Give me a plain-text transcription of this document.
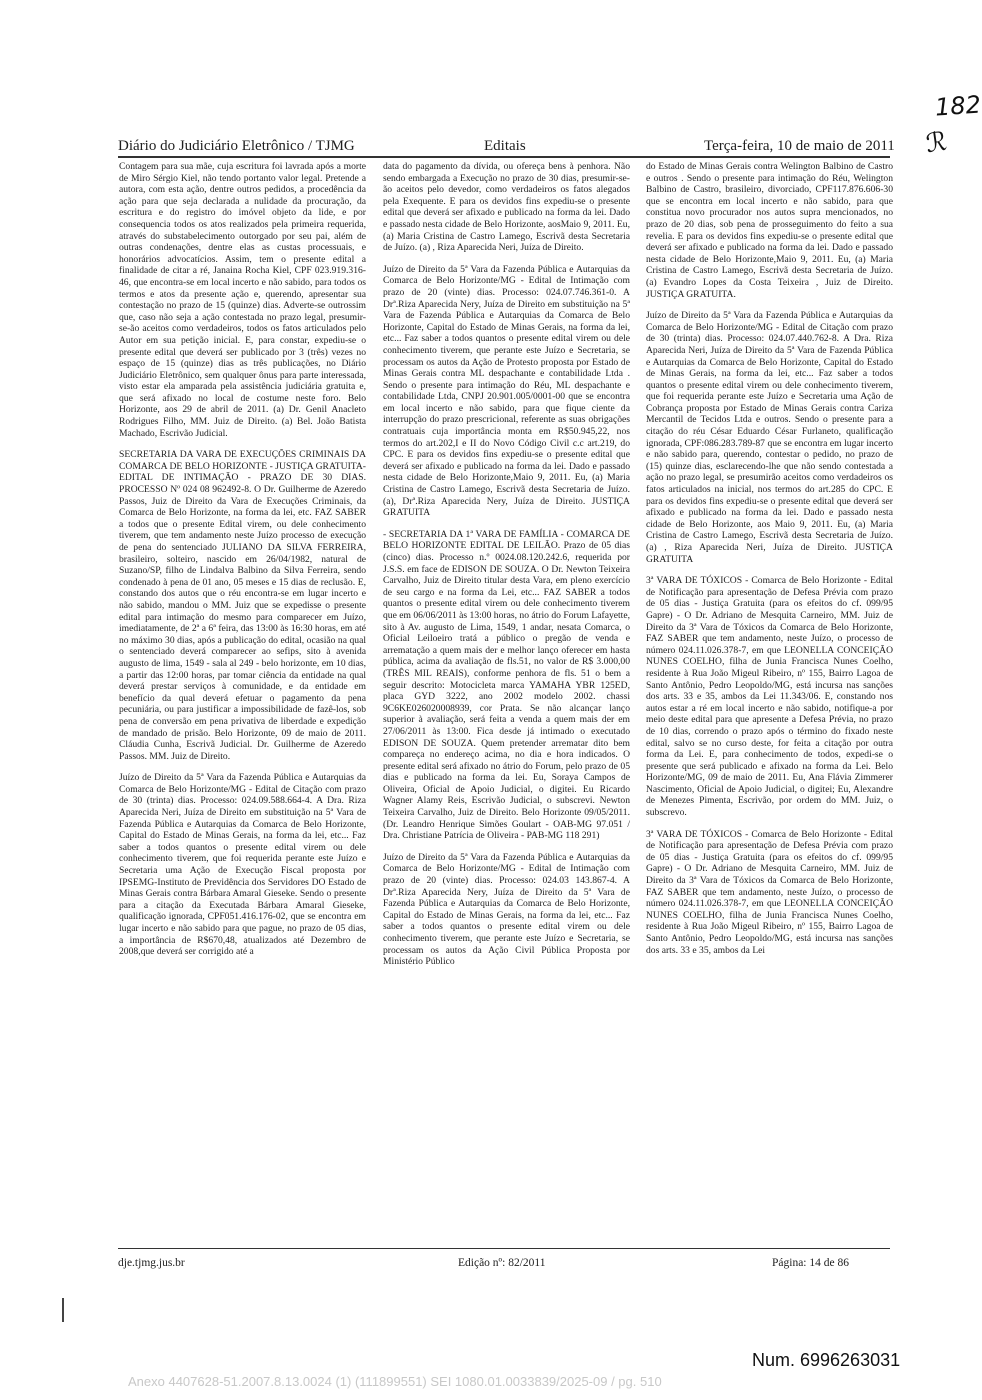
182
ℛ
Diário do Judiciário Eletrônico / TJMG	Editais	Terça-feira, 10 de maio de 2011

Contagem para sua mãe, cuja escritura foi lavrada após a morte de Miro Sérgio Kiel, não tendo portanto valor legal. Pretende a autora, com esta ação, dentre outros pedidos, a procedência da ação para que seja declarada a nulidade da procuração, da escritura e do registro do imóvel objeto da lide, e por consequencia todos os atos realizados pela primeira requerida, através do substabelecimento outorgado por seu pai, além de outras condenações, dentre elas as custas processuais, e honorários advocatícios. Assim, tem o presente edital a finalidade de citar a ré, Janaina Rocha Kiel, CPF 023.919.316-46, que encontra-se em local incerto e não sabido, para todos os termos e atos da presente ação e, querendo, apresentar sua contestação no prazo de 15 (quinze) dias. Adverte-se outrossim que, caso não seja a ação contestada no prazo legal, presumir-se-ão aceitos como verdadeiros, todos os fatos articulados pelo Autor em sua petição inicial. E, para constar, expediu-se o presente edital que deverá ser publicado por 3 (três) vezes no espaço de 15 (quinze) dias as três publicações, no Diário Judiciário Eletrônico, sem qualquer ônus para parte interessada, visto estar ela amparada pela assistência judiciária gratuita e, que será afixado no local de costume neste foro. Belo Horizonte, aos 29 de abril de 2011. (a) Dr. Genil Anacleto Rodrigues Filho, MM. Juiz de Direito. (a) Bel. João Batista Machado, Escrivão Judicial.

SECRETARIA DA VARA DE EXECUÇÕES CRIMINAIS DA COMARCA DE BELO HORIZONTE - JUSTIÇA GRATUITA- EDITAL DE INTIMAÇÃO - PRAZO DE 30 DIAS. PROCESSO Nº 024 08 962492-8. O Dr. Guilherme de Azeredo Passos, Juiz de Direito da Vara de Execuções Criminais, da Comarca de Belo Horizonte, na forma da lei, etc. FAZ SABER a todos que o presente Edital virem, ou dele conhecimento tiverem, que tem andamento neste Juízo processo de execução de pena do sentenciado JULIANO DA SILVA FERREIRA, brasileiro, solteiro, nascido em 26/04/1982, natural de Suzano/SP, filho de Lindalva Balbino da Silva Ferreira, sendo condenado à pena de 01 ano, 05 meses e 15 dias de reclusão. E, constando dos autos que o réu encontra-se em lugar incerto e não sabido, mandou o MM. Juiz que se expedisse o presente edital para intimação do mesmo para comparecer em Juízo, imediatamente, de 2ª a 6ª feira, das 13:00 às 16:30 horas, em até no máximo 30 dias, após a publicação do edital, ocasião na qual o sentenciado deverá comparecer ao sefips, sito à avenida augusto de lima, 1549 - sala al 249 - belo horizonte, em 10 dias, a partir das 12:00 horas, par tomar ciência da entidade na qual deverá prestar serviços à comunidade, e da entidade em benefício da qual deverá efetuar o pagamento da pena pecuniária, ou para justificar a impossibilidade de fazê-los, sob pena de conversão em pena privativa de liberdade e expedição de mandado de prisão. Belo Horizonte, 09 de maio de 2011. Cláudia Cunha, Escrivã Judicial. Dr. Guilherme de Azeredo Passos. MM. Juiz de Direito.

Juízo de Direito da 5ª Vara da Fazenda Pública e Autarquias da Comarca de Belo Horizonte/MG - Edital de Citação com prazo de 30 (trinta) dias. Processo: 024.09.588.664-4. A Dra. Riza Aparecida Neri, Juíza de Direito em substituição na 5ª Vara de Fazenda Pública e Autarquias da Comarca de Belo Horizonte, Capital do Estado de Minas Gerais, na forma da lei, etc... Faz saber a todos quantos o presente edital virem ou dele conhecimento tiverem, que foi requerida perante este Juízo e Secretaria uma Ação de Execução Fiscal proposta por IPSEMG-Instituto de Previdência dos Servidores DO Estado de Minas Gerais contra Bárbara Amaral Gieseke. Sendo o presente para a citação da Executada Bárbara Amaral Gieseke, qualificação ignorada, CPF051.416.176-02, que se encontra em lugar incerto e não sabido para que pague, no prazo de 05 dias, a importância de R$670,48, atualizados até Dezembro de 2008,que deverá ser corrigido até a

data do pagamento da dívida, ou ofereça bens à penhora. Não sendo embargada a Execução no prazo de 30 dias, presumir-se-ão aceitos pelo devedor, como verdadeiros os fatos alegados pela Exequente. E para os devidos fins expediu-se o presente edital que deverá ser afixado e publicado na forma da lei. Dado e passado nesta cidade de Belo Horizonte, aosMaio 9, 2011. Eu, (a) Maria Cristina de Castro Lamego, Escrivã desta Secretaria de Juízo. (a) , Riza Aparecida Neri, Juíza de Direito.

Juízo de Direito da 5ª Vara da Fazenda Pública e Autarquias da Comarca de Belo Horizonte/MG - Edital de Intimação com prazo de 20 (vinte) dias. Processo: 024.07.746.361-0. A Drª.Riza Aparecida Nery, Juíza de Direito em substituição na 5ª Vara de Fazenda Pública e Autarquias da Comarca de Belo Horizonte, Capital do Estado de Minas Gerais, na forma da lei, etc... Faz saber a todos quantos o presente edital virem ou dele conhecimento tiverem, que perante este Juízo e Secretaria, se processam os autos da Ação de Protesto proposta por Estado de Minas Gerais contra ML despachante e contabilidade Ltda . Sendo o presente para intimação do Réu, ML despachante e contabilidade Ltda, CNPJ 20.901.005/0001-00 que se encontra em local incerto e não sabido, para que fique ciente da interrupção do prazo prescricional, referente as suas obrigações contratuais cuja importância monta em R$50.945,22, nos termos do art.202,I e II do Novo Código Civil c.c art.219, do CPC. E para os devidos fins expediu-se o presente edital que deverá ser afixado e publicado na forma da lei. Dado e passado nesta cidade de Belo Horizonte,Maio 9, 2011. Eu, (a) Maria Cristina de Castro Lamego, Escrivã desta Secretaria de Juízo. (a), Drª.Riza Aparecida Nery, Juíza de Direito. JUSTIÇA GRATUITA

- SECRETARIA DA 1ª VARA DE FAMÍLIA - COMARCA DE BELO HORIZONTE EDITAL DE LEILÃO. Prazo de 05 dias (cinco) dias. Processo n.º 0024.08.120.242.6, requerida por J.S.S. em face de EDISON DE SOUZA. O Dr. Newton Teixeira Carvalho, Juiz de Direito titular desta Vara, em pleno exercício de seu cargo e na forma da Lei, etc... FAZ SABER a todos quantos o presente edital virem ou dele conhecimento tiverem que em 06/06/2011 às 13:00 horas, no átrio do Forum Lafayette, sito à Av. augusto de Lima, 1549, 1 andar, nesata Comarca, o Oficial Leiloeiro tratá a público o pregão de venda e arrematação a quem mais der e melhor lanço oferecer em hasta pública, acima da avaliação de fls.51, no valor de R$ 3.000,00 (TRÊS MIL REAIS), conforme penhora de fls. 51 o bem a seguir descrito: Motocicleta marca YAMAHA YBR 125ED, placa GYD 3222, ano 2002 modelo 2002. chassi 9C6KE026020008939, cor Prata. Se não alcançar lanço superior à avaliação, será feita a venda a quem mais der em 27/06/2011 às 13:00. Fica desde já intimado o executado EDISON DE SOUZA. Quem pretender arrematar dito bem compareça no endereço acima, no dia e hora indicados. O presente edital será afixado no átrio do Forum, pelo prazo de 05 dias e publicado na forma da lei. Eu, Soraya Campos de Oliveira, Oficial de Apoio Judicial, o digitei. Eu Ricardo Wagner Alamy Reis, Escrivão Judicial, o subscrevi. Newton Teixeira Carvalho, Juiz de Direito. Belo Horizonte 09/05/2011. (Dr. Leandro Henrique Simões Goulart - OAB-MG 97.051 / Dra. Christiane Patrícia de Oliveira - PAB-MG 118 291)

Juízo de Direito da 5ª Vara da Fazenda Pública e Autarquias da Comarca de Belo Horizonte/MG - Edital de Intimação com prazo de 20 (vinte) dias. Processo: 024.03 143.867-4. A Drª.Riza Aparecida Nery, Juíza de Direito da 5ª Vara de Fazenda Pública e Autarquias da Comarca de Belo Horizonte, Capital do Estado de Minas Gerais, na forma da lei, etc... Faz saber a todos quantos o presente edital virem ou dele conhecimento tiverem, que perante este Juízo e Secretaria, se processam os autos da Ação Civil Pública Proposta por Ministério Público

do Estado de Minas Gerais contra Welington Balbino de Castro e outros . Sendo o presente para intimação do Réu, Welington Balbino de Castro, brasileiro, divorciado, CPF117.876.606-30 que se encontra em local incerto e não sabido, para que constitua novo procurador nos autos supra mencionados, no prazo de 20 dias, sob pena de prosseguimento do feito a sua revelia. E para os devidos fins expediu-se o presente edital que deverá ser afixado e publicado na forma da lei. Dado e passado nesta cidade de Belo Horizonte,Maio 9, 2011. Eu, (a) Maria Cristina de Castro Lamego, Escrivã desta Secretaria de Juízo. (a) Evandro Lopes da Costa Teixeira , Juiz de Direito. JUSTIÇA GRATUITA.

Juízo de Direito da 5ª Vara da Fazenda Pública e Autarquias da Comarca de Belo Horizonte/MG - Edital de Citação com prazo de 30 (trinta) dias. Processo: 024.07.440.762-8. A Dra. Riza Aparecida Neri, Juíza de Direito da 5ª Vara de Fazenda Pública e Autarquias da Comarca de Belo Horizonte, Capital do Estado de Minas Gerais, na forma da lei, etc... Faz saber a todos quantos o presente edital virem ou dele conhecimento tiverem, que foi requerida perante este Juízo e Secretaria uma Ação de Cobrança proposta por Estado de Minas Gerais contra Cariza Mercantil de Tecidos Ltda e outros. Sendo o presente para a citação do réu César Eduardo César Furlaneto, qualificação ignorada, CPF:086.283.789-87 que se encontra em lugar incerto e não sabido para, querendo, contestar o pedido, no prazo de (15) quinze dias, esclarecendo-lhe que não sendo contestada a ação no prazo legal, se presumirão aceitos como verdadeiros os fatos articulados na inicial, nos termos do art.285 do CPC. E para os devidos fins expediu-se o presente edital que deverá ser afixado e publicado na forma da lei. Dado e passado nesta cidade de Belo Horizonte, aos Maio 9, 2011. Eu, (a) Maria Cristina de Castro Lamego, Escrivã desta Secretaria de Juízo. (a) , Riza Aparecida Neri, Juíza de Direito. JUSTIÇA GRATUITA

3ª VARA DE TÓXICOS - Comarca de Belo Horizonte - Edital de Notificação para apresentação de Defesa Prévia com prazo de 05 dias - Justiça Gratuita (para os efeitos do cf. 099/95 Gapre) - O Dr. Adriano de Mesquita Carneiro, MM. Juiz de Direito da 3ª Vara de Tóxicos da Comarca de Belo Horizonte, FAZ SABER que tem andamento, neste Juízo, o processo de número 024.11.026.378-7, em que LEONELLA CONCEIÇÃO NUNES COELHO, filha de Junia Francisca Nunes Coelho, residente à Rua João Migeul Ribeiro, nº 155, Bairro Lagoa de Santo Antônio, Pedro Leopoldo/MG, está incursa nas sanções dos arts. 33 e 35, ambos da Lei 11.343/06. E, constando nos autos estar a ré em local incerto e não sabido, notifique-a por meio deste edital para que apresente a Defesa Prévia, no prazo de 10 dias, correndo o prazo após o término do fixado neste edital, salvo se no curso deste, for feita a citação por outra forma da Lei. E, para conhecimento de todos, expedi-se o presente que será publicado e afixado na forma da Lei. Belo Horizonte/MG, 09 de maio de 2011. Eu, Ana Flávia Zimmerer Nascimento, Oficial de Apoio Judicial, o digitei; Eu, Alexandre de Menezes Pimenta, Escrivão, por ordem do MM. Juiz, o subscrevo.

3ª VARA DE TÓXICOS - Comarca de Belo Horizonte - Edital de Notificação para apresentação de Defesa Prévia com prazo de 05 dias - Justiça Gratuita (para os efeitos do cf. 099/95 Gapre) - O Dr. Adriano de Mesquita Carneiro, MM. Juiz de Direito da 3ª Vara de Tóxicos da Comarca de Belo Horizonte, FAZ SABER que tem andamento, neste Juízo, o processo de número 024.11.026.378-7, em que LEONELLA CONCEIÇÃO NUNES COELHO, filha de Junia Francisca Nunes Coelho, residente à Rua João Migeul Ribeiro, nº 155, Bairro Lagoa de Santo Antônio, Pedro Leopoldo/MG, está incursa nas sanções dos arts. 33 e 35, ambos da Lei

dje.tjmg.jus.br	Edição nº: 82/2011	Página: 14 de 86
Num. 6996263031
Anexo 4407628-51.2007.8.13.0024 (1) (111899551) SEI 1080.01.0033839/2025-09 / pg. 510
